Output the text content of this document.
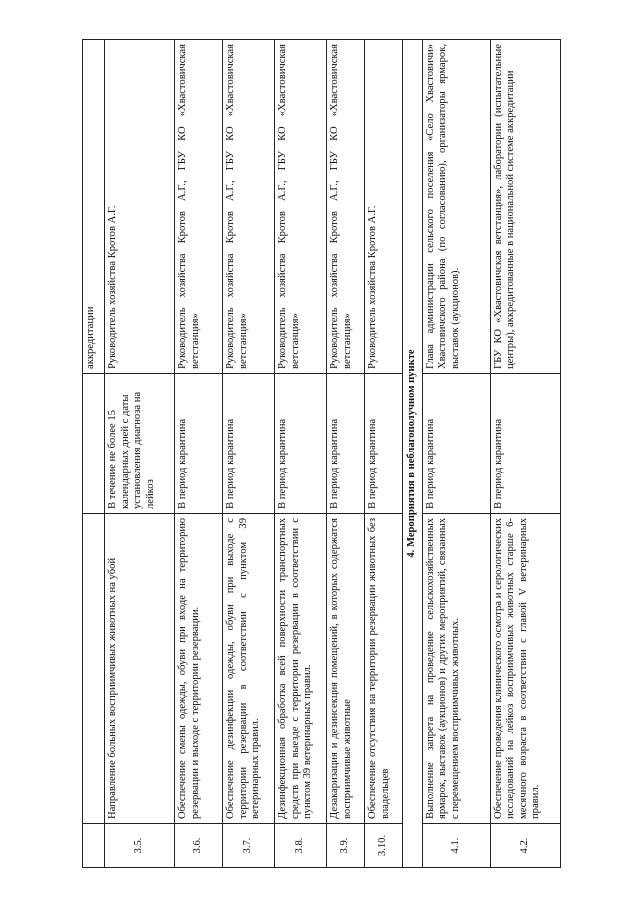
			аккредитации
3.5.	Направление больных восприимчивых животных на убой	В течение не более 15 календарных дней с даты установления диагноза на лейкоз	Руководитель хозяйства Кротов А.Г.
3.6.	Обеспечение смены одежды, обуви при входе на территорию резервации и выходе с территории резервации.	В период карантина	Руководитель хозяйства Кротов А.Г., ГБУ КО «Хвастовичская ветстанция»
3.7.	Обеспечение дезинфекции одежды, обуви при выходе с территории резервации в соответствии с пунктом 39 ветеринарных правил.	В период карантина	Руководитель хозяйства Кротов А.Г., ГБУ КО «Хвастовичская ветстанция»
3.8.	Дезинфекционная обработка всей поверхности транспортных средств при выезде с территории резервации в соответствии с пунктом 39 ветеринарных правил.	В период карантина	Руководитель хозяйства Кротов А.Г., ГБУ КО «Хвастовичская ветстанция»
3.9.	Дезакаризация и дезинсекция помещений, в которых содержатся восприимчивые животные	В период карантина	Руководитель хозяйства Кротов А.Г., ГБУ КО «Хвастовичская ветстанция»
3.10.	Обеспечение отсутствия на территории резервации животных без владельцев	В период карантина	Руководитель хозяйства Кротов А.Г.
4. Мероприятия в неблагополучном пункте			
4.1.	Выполнение запрета на проведение сельскохозяйственных ярмарок, выставок (аукционов) и других мероприятий, связанных с перемещением восприимчивых животных.	В период карантина	Глава администрации сельского поселения «Село Хвастовичи» Хвастовичского района (по согласованию), организаторы ярмарок, выставок (аукционов).
4.2.	Обеспечение проведения клинического осмотра и серологических исследований на лейкоз восприимчивых животных старше 6-месячного возраста в соответствии с главой V ветеринарных правил.	В период карантина	ГБУ КО «Хвастовичская ветстанция», лаборатории (испытательные центры), аккредитованные в национальной системе аккредитации
